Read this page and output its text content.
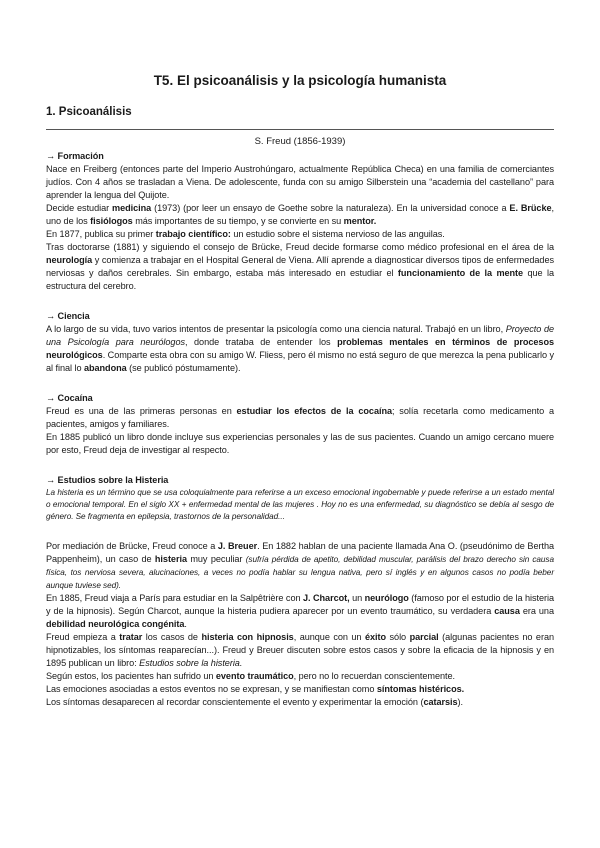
T5. El psicoanálisis y la psicología humanista
1. Psicoanálisis
S. Freud (1856-1939)

→ Formación

Nace en Freiberg (entonces parte del Imperio Austrohúngaro, actualmente República Checa) en una familia de comerciantes judíos. Con 4 años se trasladan a Viena. De adolescente, funda con su amigo Silberstein una “academia del castellano” para aprender la lengua del Quijote.

Decide estudiar medicina (1973) (por leer un ensayo de Goethe sobre la naturaleza). En la universidad conoce a E. Brücke, uno de los fisiólogos más importantes de su tiempo, y se convierte en su mentor.

En 1877, publica su primer trabajo científico: un estudio sobre el sistema nervioso de las anguilas.

Tras doctorarse (1881) y siguiendo el consejo de Brücke, Freud decide formarse como médico profesional en el área de la neurología y comienza a trabajar en el Hospital General de Viena. Allí aprende a diagnosticar diversos tipos de enfermedades nerviosas y daños cerebrales. Sin embargo, estaba más interesado en estudiar el funcionamiento de la mente que la estructura del cerebro.

→ Ciencia

A lo largo de su vida, tuvo varios intentos de presentar la psicología como una ciencia natural. Trabajó en un libro, Proyecto de una Psicología para neurólogos, donde trataba de entender los problemas mentales en términos de procesos neurológicos. Comparte esta obra con su amigo W. Fliess, pero él mismo no está seguro de que merezca la pena publicarlo y al final lo abandona (se publicó póstumamente).

→ Cocaína

Freud es una de las primeras personas en estudiar los efectos de la cocaína; solía recetarla como medicamento a pacientes, amigos y familiares.

En 1885 publicó un libro donde incluye sus experiencias personales y las de sus pacientes. Cuando un amigo cercano muere por esto, Freud deja de investigar al respecto.

→ Estudios sobre la Histeria

La histeria es un término que se usa coloquialmente para referirse a un exceso emocional ingobernable y puede referirse a un estado mental o emocional temporal. En el siglo XX + enfermedad mental de las mujeres . Hoy no es una enfermedad, su diagnóstico se debía al sesgo de género. Se fragmenta en epilepsia, trastornos de la personalidad...

Por mediación de Brücke, Freud conoce a J. Breuer. En 1882 hablan de una paciente llamada Ana O. (pseudónimo de Bertha Pappenheim), un caso de histeria muy peculiar (sufría pérdida de apetito, debilidad muscular, parálisis del brazo derecho sin causa física, tos nerviosa severa, alucinaciones, a veces no podía hablar su lengua nativa, pero sí inglés y en algunos casos no podía beber aunque tuviese sed).

En 1885, Freud viaja a París para estudiar en la Salpêtrière con J. Charcot, un neurólogo (famoso por el estudio de la histeria y de la hipnosis). Según Charcot, aunque la histeria pudiera aparecer por un evento traumático, su verdadera causa era una debilidad neurológica congénita.

Freud empieza a tratar los casos de histeria con hipnosis, aunque con un éxito sólo parcial (algunas pacientes no eran hipnotizables, los síntomas reaparecían...). Freud y Breuer discuten sobre estos casos y sobre la eficacia de la hipnosis y en 1895 publican un libro: Estudios sobre la histeria.

Según estos, los pacientes han sufrido un evento traumático, pero no lo recuerdan conscientemente.

Las emociones asociadas a estos eventos no se expresan, y se manifiestan como síntomas histéricos.

Los síntomas desaparecen al recordar conscientemente el evento y experimentar la emoción (catarsis).
